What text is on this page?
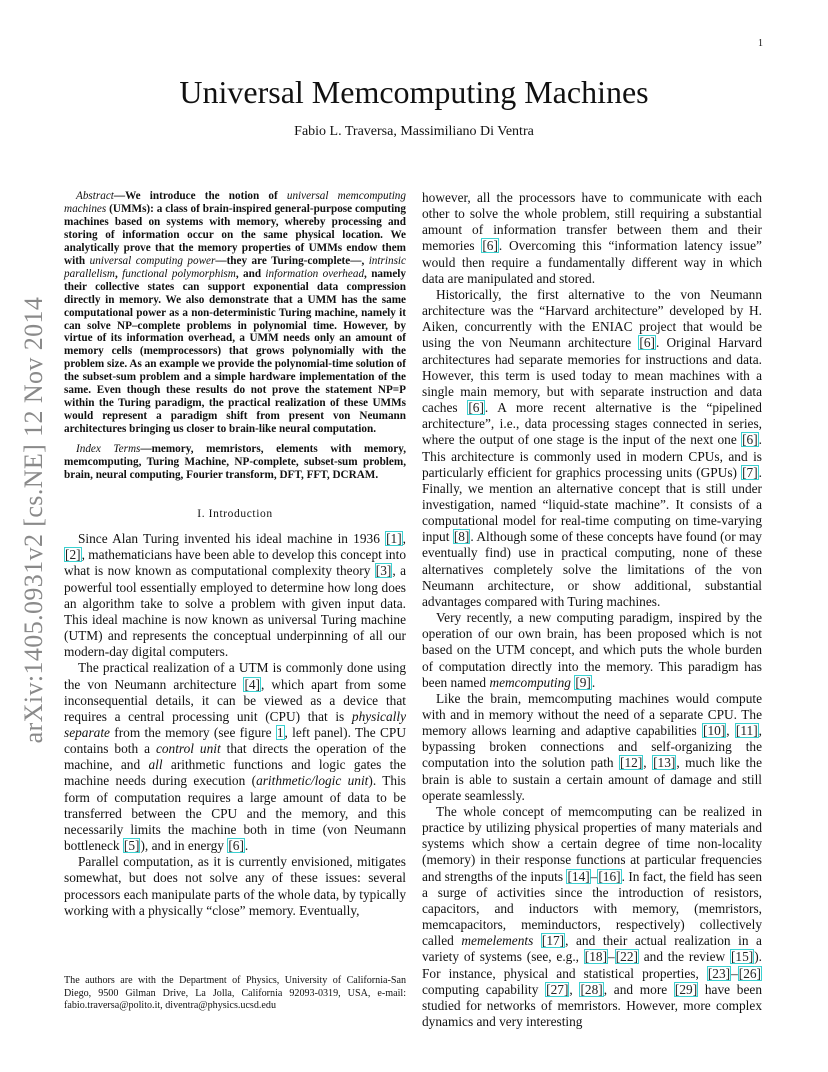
1
arXiv:1405.0931v2 [cs.NE] 12 Nov 2014
Universal Memcomputing Machines
Fabio L. Traversa, Massimiliano Di Ventra

Abstract—We introduce the notion of universal memcomputing machines (UMMs): a class of brain-inspired general-purpose computing machines based on systems with memory, whereby processing and storing of information occur on the same physical location. We analytically prove that the memory properties of UMMs endow them with universal computing power—they are Turing-complete—, intrinsic parallelism, functional polymorphism, and information overhead, namely their collective states can support exponential data compression directly in memory. We also demonstrate that a UMM has the same computational power as a non-deterministic Turing machine, namely it can solve NP–complete problems in polynomial time. However, by virtue of its information overhead, a UMM needs only an amount of memory cells (memprocessors) that grows polynomially with the problem size. As an example we provide the polynomial-time solution of the subset-sum problem and a simple hardware implementation of the same. Even though these results do not prove the statement NP=P within the Turing paradigm, the practical realization of these UMMs would represent a paradigm shift from present von Neumann architectures bringing us closer to brain-like neural computation.

Index Terms—memory, memristors, elements with memory, memcomputing, Turing Machine, NP-complete, subset-sum problem, brain, neural computing, Fourier transform, DFT, FFT, DCRAM.

I. Introduction

Since Alan Turing invented his ideal machine in 1936 [1], [2], mathematicians have been able to develop this concept into what is now known as computational complexity theory [3], a powerful tool essentially employed to determine how long does an algorithm take to solve a problem with given input data. This ideal machine is now known as universal Turing machine (UTM) and represents the conceptual underpinning of all our modern-day digital computers.

The practical realization of a UTM is commonly done using the von Neumann architecture [4], which apart from some inconsequential details, it can be viewed as a device that requires a central processing unit (CPU) that is physically separate from the memory (see figure 1, left panel). The CPU contains both a control unit that directs the operation of the machine, and all arithmetic functions and logic gates the machine needs during execution (arithmetic/logic unit). This form of computation requires a large amount of data to be transferred between the CPU and the memory, and this necessarily limits the machine both in time (von Neumann bottleneck [5]), and in energy [6].

Parallel computation, as it is currently envisioned, mitigates somewhat, but does not solve any of these issues: several processors each manipulate parts of the whole data, by typically working with a physically “close” memory. Eventually,

The authors are with the Department of Physics, University of California-San Diego, 9500 Gilman Drive, La Jolla, California 92093-0319, USA, e-mail: fabio.traversa@polito.it, diventra@physics.ucsd.edu

however, all the processors have to communicate with each other to solve the whole problem, still requiring a substantial amount of information transfer between them and their memories [6]. Overcoming this “information latency issue” would then require a fundamentally different way in which data are manipulated and stored.

Historically, the first alternative to the von Neumann architecture was the “Harvard architecture” developed by H. Aiken, concurrently with the ENIAC project that would be using the von Neumann architecture [6]. Original Harvard architectures had separate memories for instructions and data. However, this term is used today to mean machines with a single main memory, but with separate instruction and data caches [6]. A more recent alternative is the “pipelined architecture”, i.e., data processing stages connected in series, where the output of one stage is the input of the next one [6]. This architecture is commonly used in modern CPUs, and is particularly efficient for graphics processing units (GPUs) [7]. Finally, we mention an alternative concept that is still under investigation, named “liquid-state machine”. It consists of a computational model for real-time computing on time-varying input [8]. Although some of these concepts have found (or may eventually find) use in practical computing, none of these alternatives completely solve the limitations of the von Neumann architecture, or show additional, substantial advantages compared with Turing machines.

Very recently, a new computing paradigm, inspired by the operation of our own brain, has been proposed which is not based on the UTM concept, and which puts the whole burden of computation directly into the memory. This paradigm has been named memcomputing [9].

Like the brain, memcomputing machines would compute with and in memory without the need of a separate CPU. The memory allows learning and adaptive capabilities [10], [11], bypassing broken connections and self-organizing the computation into the solution path [12], [13], much like the brain is able to sustain a certain amount of damage and still operate seamlessly.

The whole concept of memcomputing can be realized in practice by utilizing physical properties of many materials and systems which show a certain degree of time non-locality (memory) in their response functions at particular frequencies and strengths of the inputs [14]–[16]. In fact, the field has seen a surge of activities since the introduction of resistors, capacitors, and inductors with memory, (memristors, memcapacitors, meminductors, respectively) collectively called memelements [17], and their actual realization in a variety of systems (see, e.g., [18]–[22] and the review [15]). For instance, physical and statistical properties, [23]–[26] computing capability [27], [28], and more [29] have been studied for networks of memristors. However, more complex dynamics and very interesting
